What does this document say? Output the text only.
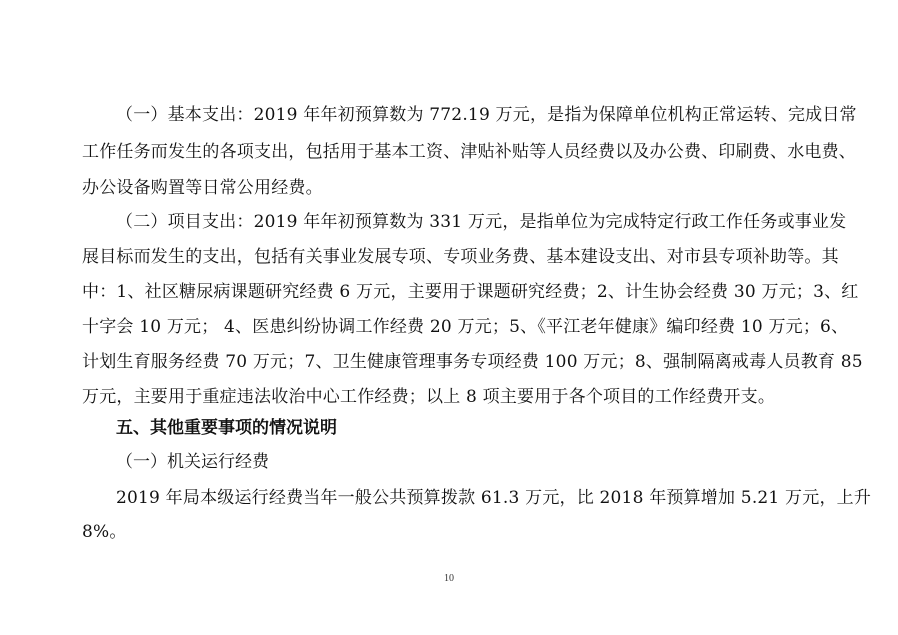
（一）基本支出：2019 年年初预算数为 772.19 万元，是指为保障单位机构正常运转、完成日常
工作任务而发生的各项支出，包括用于基本工资、津贴补贴等人员经费以及办公费、印刷费、水电费、
办公设备购置等日常公用经费。
（二）项目支出：2019 年年初预算数为 331 万元，是指单位为完成特定行政工作任务或事业发
展目标而发生的支出，包括有关事业发展专项、专项业务费、基本建设支出、对市县专项补助等。其
中：1、社区糖尿病课题研究经费 6 万元，主要用于课题研究经费；2、计生协会经费 30 万元；3、红
十字会 10 万元； 4、医患纠纷协调工作经费 20 万元；5、《平江老年健康》编印经费 10 万元；6、
计划生育服务经费 70 万元；7、卫生健康管理事务专项经费 100 万元；8、强制隔离戒毒人员教育 85
万元，主要用于重症违法收治中心工作经费；以上 8 项主要用于各个项目的工作经费开支。
五、其他重要事项的情况说明
（一）机关运行经费
2019 年局本级运行经费当年一般公共预算拨款 61.3 万元，比 2018 年预算增加 5.21 万元，上升
8%。
10
